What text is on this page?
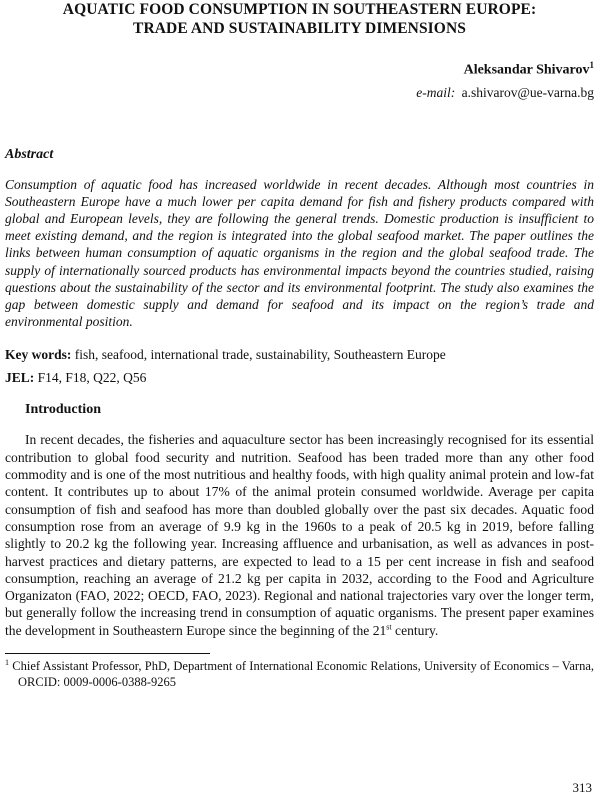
AQUATIC FOOD CONSUMPTION IN SOUTHEASTERN EUROPE:
TRADE AND SUSTAINABILITY DIMENSIONS
Aleksandar Shivarov$^1$
e-mail: a.shivarov@ue-varna.bg
Abstract
Consumption of aquatic food has increased worldwide in recent decades. Although most countries in Southeastern Europe have a much lower per capita demand for fish and fishery products compared with global and European levels, they are following the general trends. Domestic production is insufficient to meet existing demand, and the region is integrated into the global seafood market. The paper outlines the links between human consumption of aquatic organisms in the region and the global seafood trade. The supply of internationally sourced products has environmental impacts beyond the countries studied, raising questions about the sustainability of the sector and its environmental footprint. The study also examines the gap between domestic supply and demand for seafood and its impact on the region’s trade and environmental position.
Key words: fish, seafood, international trade, sustainability, Southeastern Europe
JEL: F14, F18, Q22, Q56
Introduction

In recent decades, the fisheries and aquaculture sector has been increasingly recognised for its essential contribution to global food security and nutrition. Seafood has been traded more than any other food commodity and is one of the most nutritious and healthy foods, with high quality animal protein and low-fat content. It contributes up to about 17% of the animal protein consumed worldwide. Average per capita consumption of fish and seafood has more than doubled globally over the past six decades. Aquatic food consumption rose from an average of 9.9 kg in the 1960s to a peak of 20.5 kg in 2019, before falling slightly to 20.2 kg the following year. Increasing affluence and urbanisation, as well as advances in post-harvest practices and dietary patterns, are expected to lead to a 15 per cent increase in fish and seafood consumption, reaching an average of 21.2 kg per capita in 2032, according to the Food and Agriculture Organizaton (FAO, 2022; OECD, FAO, 2023). Regional and national trajectories vary over the longer term, but generally follow the increasing trend in consumption of aquatic organisms. The present paper examines the development in Southeastern Europe since the beginning of the 21st century.

$^1$ Chief Assistant Professor, PhD, Department of International Economic Relations, University of Economics – Varna, ORCID: 0009-0006-0388-9265
313
